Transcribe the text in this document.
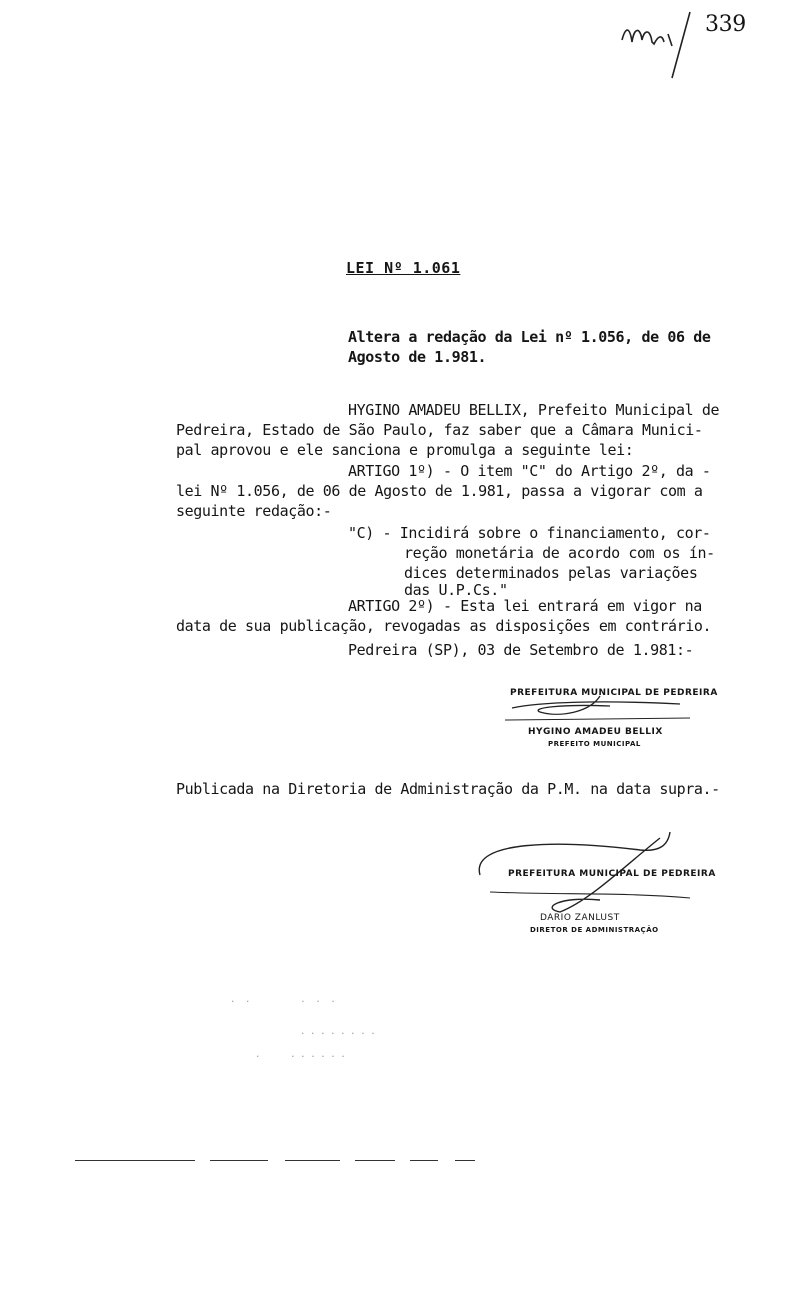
339
LEI Nº 1.061
Altera a redação da Lei nº 1.056, de 06 de
Agosto de 1.981.
HYGINO AMADEU BELLIX, Prefeito Municipal de
Pedreira, Estado de São Paulo, faz saber que a Câmara Munici-
pal aprovou e ele sanciona e promulga a seguinte lei:
ARTIGO 1º) - O item "C" do Artigo 2º, da -
lei Nº 1.056, de 06 de Agosto de 1.981, passa a vigorar com a
seguinte redação:-
"C) - Incidirá sobre o financiamento, cor-
reção monetária de acordo com os ín-
dices determinados pelas variações
das U.P.Cs."
ARTIGO 2º) - Esta lei entrará em vigor na
data de sua publicação, revogadas as disposições em contrário.
Pedreira (SP), 03 de Setembro de 1.981:-
PREFEITURA MUNICIPAL DE PEDREIRA
HYGINO AMADEU BELLIX
PREFEITO MUNICIPAL
Publicada na Diretoria de Administração da P.M. na data supra.-
PREFEITURA MUNICIPAL DE PEDREIRA
DARIO ZANLUST
DIRETOR DE ADMINISTRAÇÃO
.  .          .  .  .
. . . . . . . .
.      . . . . . .
